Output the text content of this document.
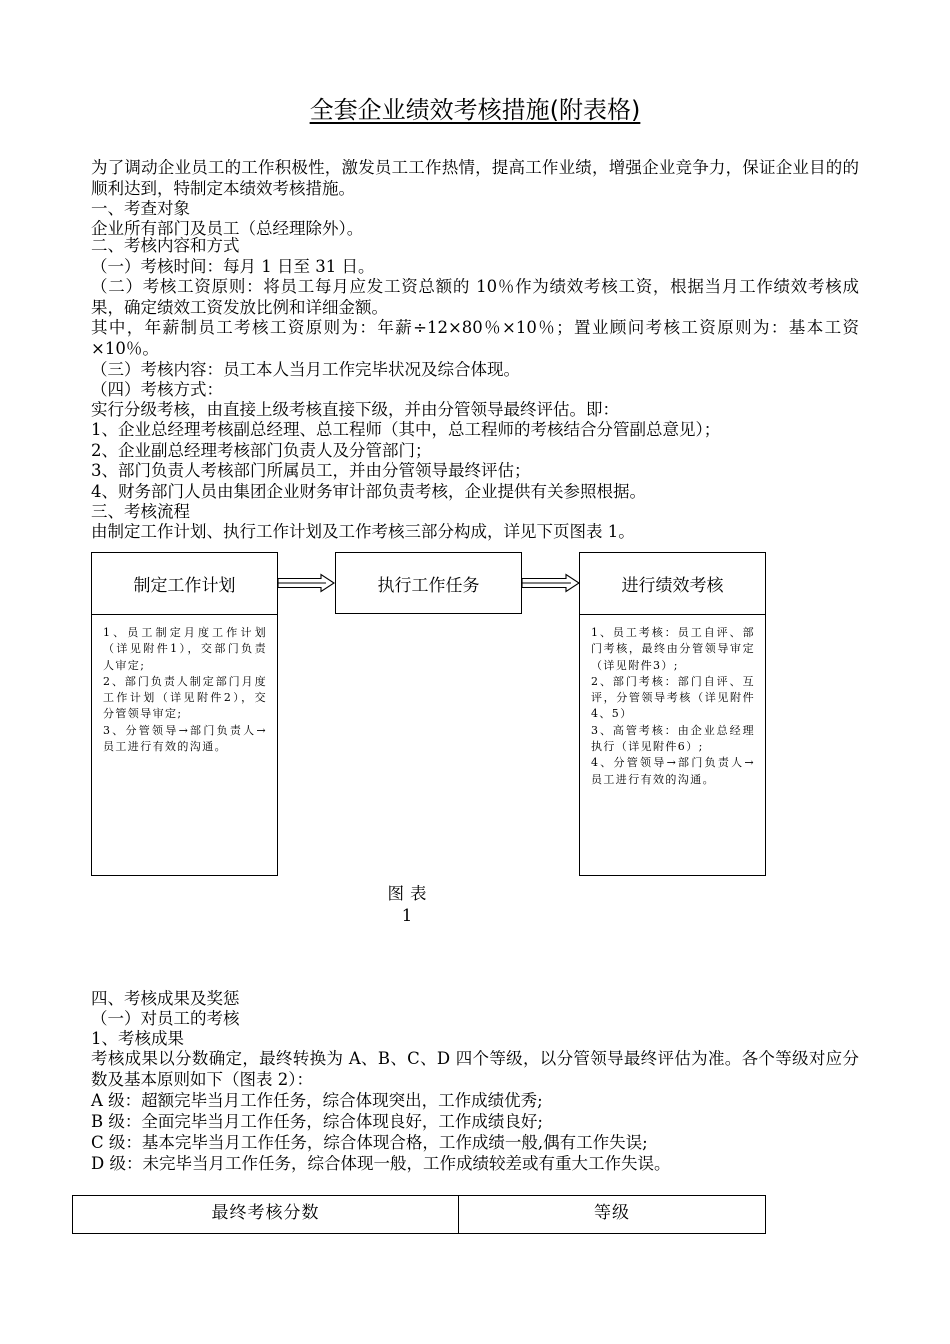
全套企业绩效考核措施(附表格)
为了调动企业员工的工作积极性，激发员工工作热情，提高工作业绩，增强企业竞争力，保证企业目的的顺利达到，特制定本绩效考核措施。
一、考查对象
企业所有部门及员工（总经理除外）。
二、考核内容和方式
（一）考核时间：每月 1 日至 31 日。
（二）考核工资原则：将员工每月应发工资总额的 10％作为绩效考核工资，根据当月工作绩效考核成果，确定绩效工资发放比例和详细金额。
其中，年薪制员工考核工资原则为：年薪÷12×80％×10％；置业顾问考核工资原则为：基本工资×10％。
（三）考核内容：员工本人当月工作完毕状况及综合体现。
（四）考核方式：
实行分级考核，由直接上级考核直接下级，并由分管领导最终评估。即：
1、企业总经理考核副总经理、总工程师（其中，总工程师的考核结合分管副总意见）；
2、企业副总经理考核部门负责人及分管部门；
3、部门负责人考核部门所属员工，并由分管领导最终评估；
4、财务部门人员由集团企业财务审计部负责考核，企业提供有关参照根据。
三、考核流程
由制定工作计划、执行工作计划及工作考核三部分构成，详见下页图表 1。
制定工作计划

1、员工制定月度工作计划（详见附件1），交部门负责人审定;

2、部门负责人制定部门月度工作计划（详见附件2），交分管领导审定;

3、分管领导→部门负责人→员工进行有效的沟通。

执行工作任务	进行绩效考核

1、员工考核：员工自评、部门考核，最终由分管领导审定（详见附件3）;

2、部门考核：部门自评、互评，分管领导考核（详见附件4、5）

3、高管考核：由企业总经理执行（详见附件6）;

4、分管领导→部门负责人→员工进行有效的沟通。

图表
1
四、考核成果及奖惩
（一）对员工的考核
1、考核成果
考核成果以分数确定，最终转换为 A、B、C、D 四个等级，以分管领导最终评估为准。各个等级对应分数及基本原则如下（图表 2）：
A 级：超额完毕当月工作任务，综合体现突出，工作成绩优秀;
B 级：全面完毕当月工作任务，综合体现良好，工作成绩良好;
C 级：基本完毕当月工作任务，综合体现合格，工作成绩一般,偶有工作失误;
D 级：未完毕当月工作任务，综合体现一般，工作成绩较差或有重大工作失误。
最终考核分数	等级
